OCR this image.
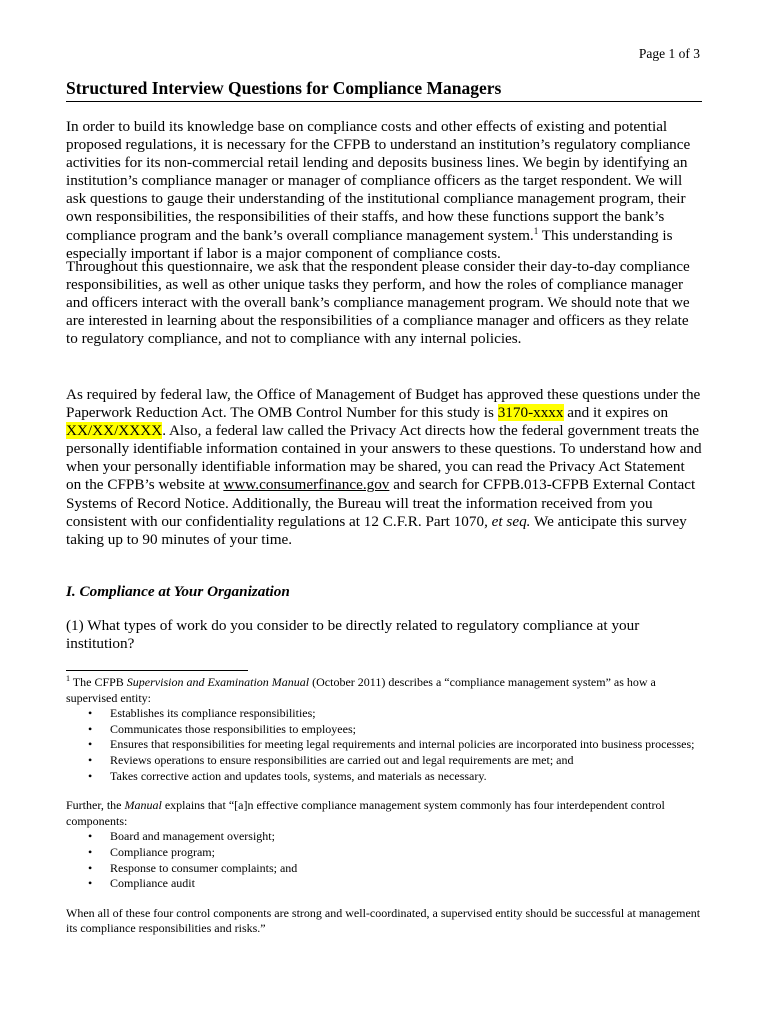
Page 1 of 3
Structured Interview Questions for Compliance Managers

In order to build its knowledge base on compliance costs and other effects of existing and potential proposed regulations, it is necessary for the CFPB to understand an institution’s regulatory compliance activities for its non-commercial retail lending and deposits business lines. We begin by identifying an institution’s compliance manager or manager of compliance officers as the target respondent. We will ask questions to gauge their understanding of the institutional compliance management program, their own responsibilities, the responsibilities of their staffs, and how these functions support the bank’s compliance program and the bank’s overall compliance management system.$^1$ This understanding is especially important if labor is a major component of compliance costs.

Throughout this questionnaire, we ask that the respondent please consider their day-to-day compliance responsibilities, as well as other unique tasks they perform, and how the roles of compliance manager and officers interact with the overall bank’s compliance management program. We should note that we are interested in learning about the responsibilities of a compliance manager and officers as they relate to regulatory compliance, and not to compliance with any internal policies.

As required by federal law, the Office of Management of Budget has approved these questions under the Paperwork Reduction Act. The OMB Control Number for this study is 3170-xxxx and it expires on XX/XX/XXXX. Also, a federal law called the Privacy Act directs how the federal government treats the personally identifiable information contained in your answers to these questions. To understand how and when your personally identifiable information may be shared, you can read the Privacy Act Statement on the CFPB’s website at www.consumerfinance.gov and search for CFPB.013-CFPB External Contact Systems of Record Notice. Additionally, the Bureau will treat the information received from you consistent with our confidentiality regulations at 12 C.F.R. Part 1070, et seq. We anticipate this survey taking up to 90 minutes of your time.

I. Compliance at Your Organization

(1) What types of work do you consider to be directly related to regulatory compliance at your institution?

$^1$ The CFPB Supervision and Examination Manual (October 2011) describes a “compliance management system” as how a supervised entity:

• Establishes its compliance responsibilities;
• Communicates those responsibilities to employees;
• Ensures that responsibilities for meeting legal requirements and internal policies are incorporated into business processes;
• Reviews operations to ensure responsibilities are carried out and legal requirements are met; and
• Takes corrective action and updates tools, systems, and materials as necessary.

Further, the Manual explains that “[a]n effective compliance management system commonly has four interdependent control components:

• Board and management oversight;
• Compliance program;
• Response to consumer complaints; and
• Compliance audit

When all of these four control components are strong and well-coordinated, a supervised entity should be successful at management its compliance responsibilities and risks.”
